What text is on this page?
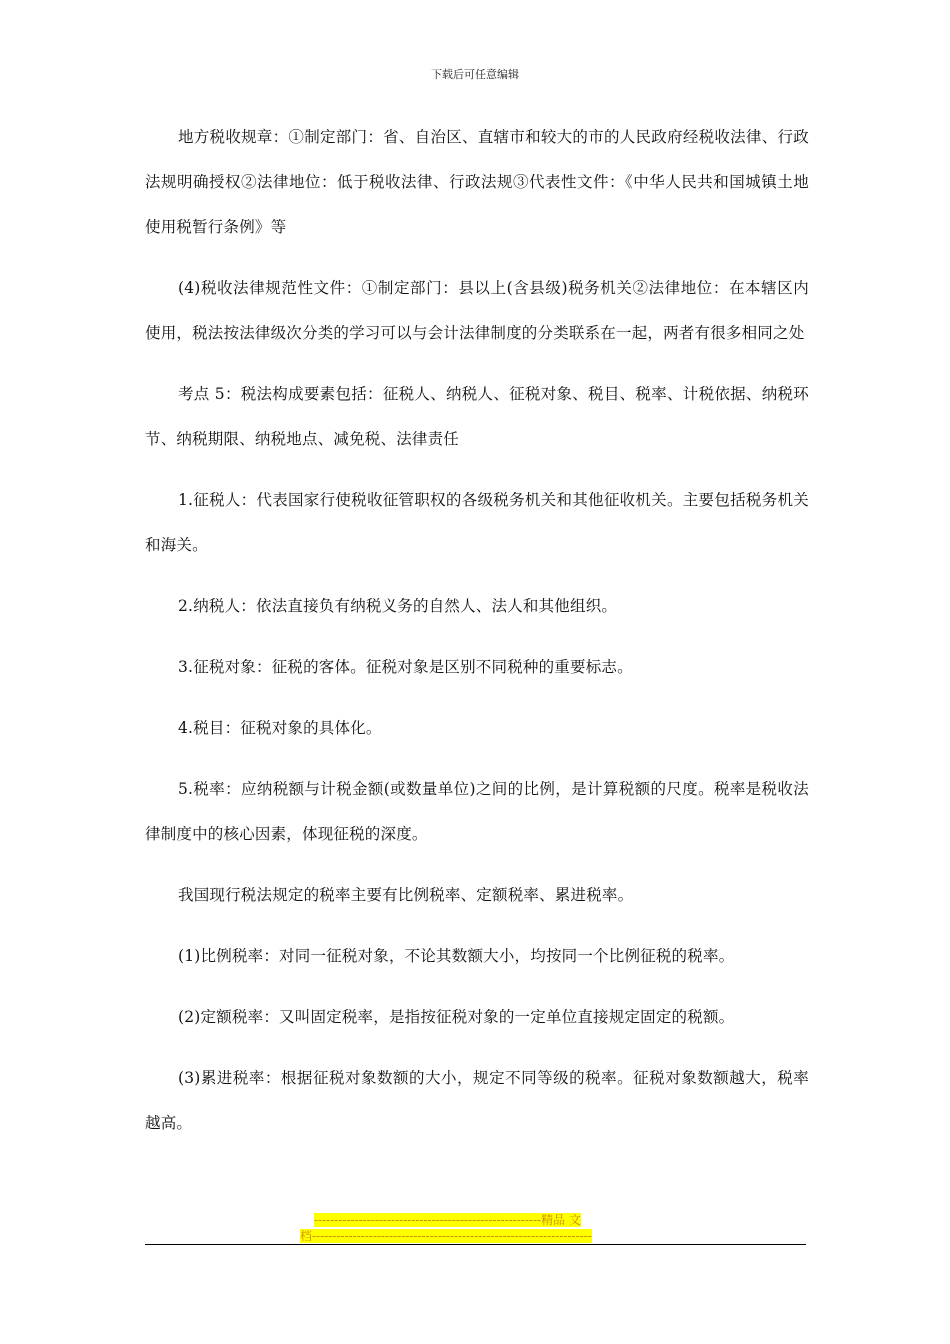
下载后可任意编辑

地方税收规章：①制定部门：省、自治区、直辖市和较大的市的人民政府经税收法律、行政法规明确授权②法律地位：低于税收法律、行政法规③代表性文件：《中华人民共和国城镇土地使用税暂行条例》等

(4)税收法律规范性文件：①制定部门：县以上(含县级)税务机关②法律地位：在本辖区内使用，税法按法律级次分类的学习可以与会计法律制度的分类联系在一起，两者有很多相同之处

考点 5：税法构成要素包括：征税人、纳税人、征税对象、税目、税率、计税依据、纳税环节、纳税期限、纳税地点、减免税、法律责任

1.征税人：代表国家行使税收征管职权的各级税务机关和其他征收机关。主要包括税务机关和海关。

2.纳税人：依法直接负有纳税义务的自然人、法人和其他组织。

3.征税对象：征税的客体。征税对象是区别不同税种的重要标志。

4.税目：征税对象的具体化。

5.税率：应纳税额与计税金额(或数量单位)之间的比例，是计算税额的尺度。税率是税收法律制度中的核心因素，体现征税的深度。

我国现行税法规定的税率主要有比例税率、定额税率、累进税率。

(1)比例税率：对同一征税对象，不论其数额大小，均按同一个比例征税的税率。

(2)定额税率：又叫固定税率，是指按征税对象的一定单位直接规定固定的税额。

(3)累进税率：根据征税对象数额的大小，规定不同等级的税率。征税对象数额越大，税率越高。

--------------------------------------------------------精品 文
档---------------------------------------------------------------------
